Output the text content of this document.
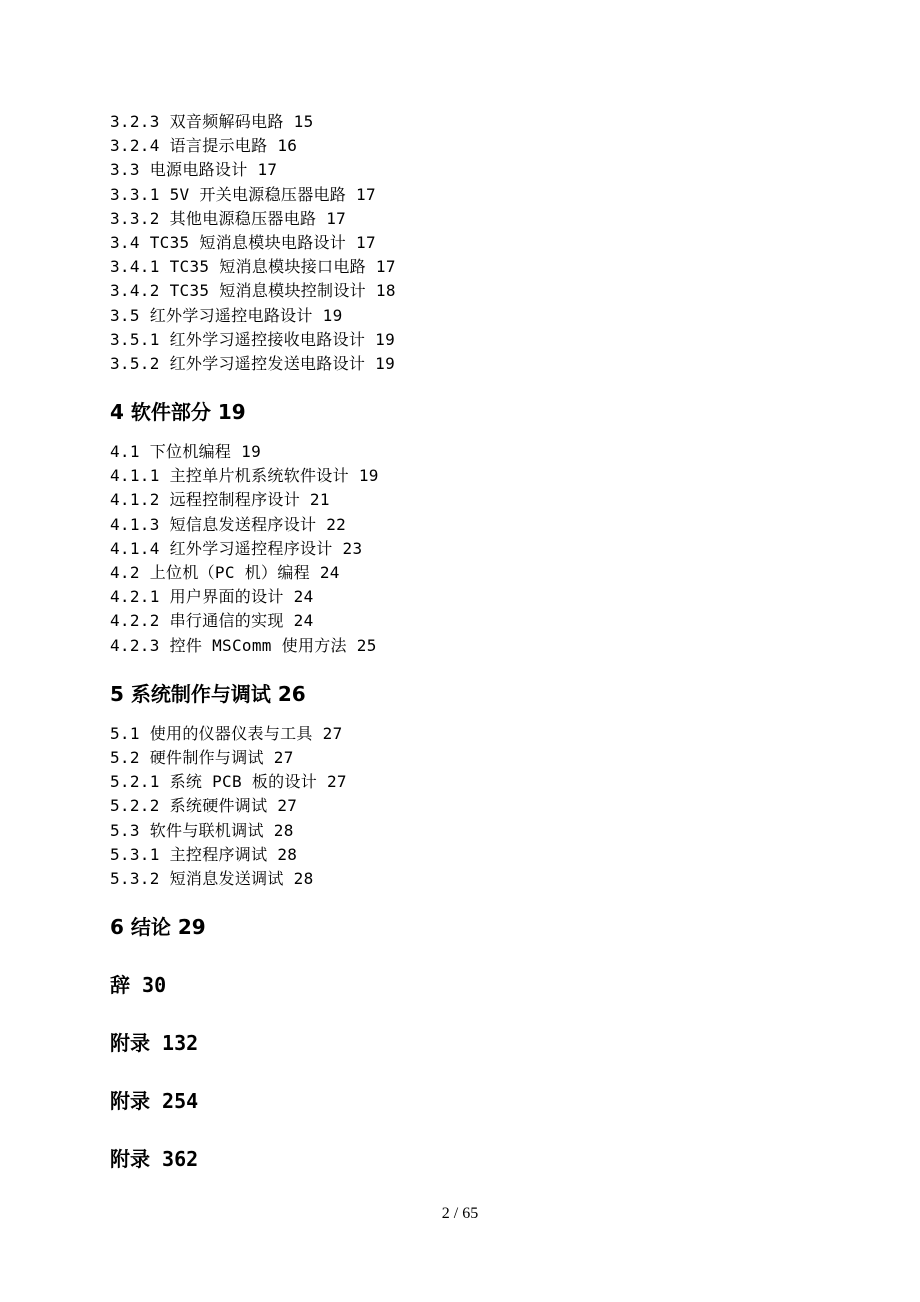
3.2.3 双音频解码电路 15
3.2.4 语言提示电路 16
3.3 电源电路设计 17
3.3.1 5V 开关电源稳压器电路 17
3.3.2 其他电源稳压器电路 17
3.4 TC35 短消息模块电路设计 17
3.4.1 TC35 短消息模块接口电路 17
3.4.2 TC35 短消息模块控制设计 18
3.5 红外学习遥控电路设计 19
3.5.1 红外学习遥控接收电路设计 19
3.5.2 红外学习遥控发送电路设计 19
4 软件部分 19
4.1 下位机编程 19
4.1.1 主控单片机系统软件设计 19
4.1.2 远程控制程序设计 21
4.1.3 短信息发送程序设计 22
4.1.4 红外学习遥控程序设计 23
4.2 上位机（PC 机）编程 24
4.2.1 用户界面的设计 24
4.2.2 串行通信的实现 24
4.2.3 控件 MSComm 使用方法 25
5 系统制作与调试 26
5.1 使用的仪器仪表与工具 27
5.2 硬件制作与调试 27
5.2.1 系统 PCB 板的设计 27
5.2.2 系统硬件调试 27
5.3 软件与联机调试 28
5.3.1 主控程序调试 28
5.3.2 短消息发送调试 28
6 结论 29
辞 30
附录 132
附录 254
附录 362
2 / 65
